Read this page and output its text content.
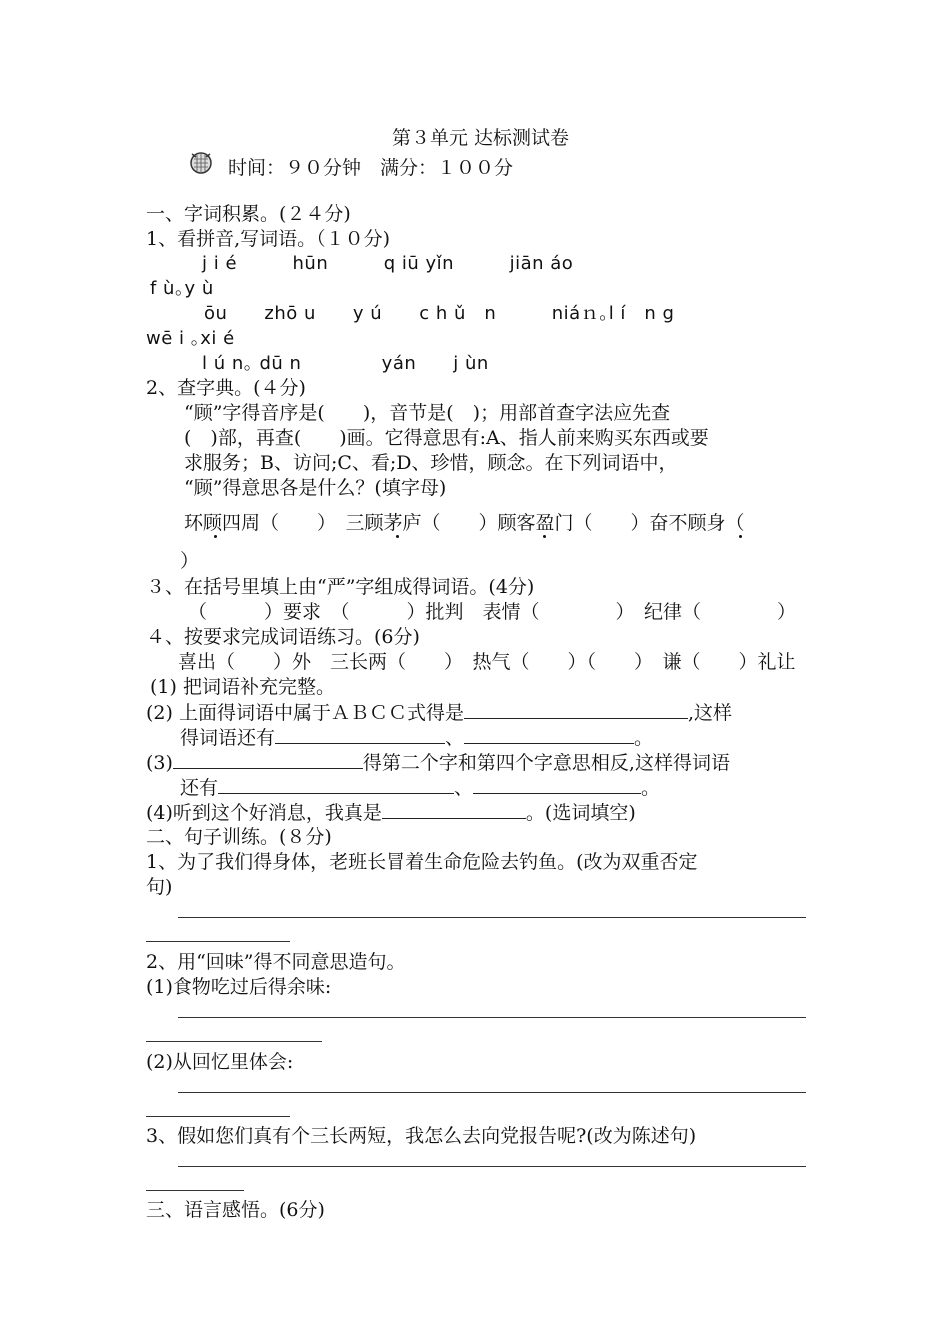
第３单元 达标测试卷
时间：９０分钟　满分：１００分
一、字词积累。(２４分)
1、看拼音,写词语。（１０分)
j i é　　　hūn　　　q iū yǐn　　　jiān áo
f ù｡y ù
ōu　　zhō u　　y ú　　c h ǔ　n　　　niáｎ｡l í　n g
wē i ｡xi é
l ú n｡ dū n　　　　 yán　　j ùn
2、查字典。(４分)
“顾”字得音序是(　　)，音节是(　)；用部首查字法应先查
(　)部，再查(　　)画。它得意思有:A、指人前来购买东西或要
求服务；B、访问;C、看;D、珍惜，顾念。在下列词语中，
“顾”得意思各是什么？(填字母)
环顾四周（　　）　三顾茅庐（　　）顾客盈门（　　）奋不顾身（
）
３、在括号里填上由“严”字组成得词语。(4分)
（　　　）要求　（　　　）批判　表情（　　　　）　纪律（　　　　）
４、按要求完成词语练习。(6分)
喜出（　　）外　三长两（　　）　热气（　　）（　　）　谦（　　）礼让
(1) 把词语补充完整。
(2) 上面得词语中属于ＡＢＣＣ式得是	,这样
得词语还有	、	。
(3)	得第二个字和第四个字意思相反,这样得词语
还有	、	。
(4)听到这个好消息，我真是	。(选词填空)
二、句子训练。(８分)
1、为了我们得身体，老班长冒着生命危险去钓鱼。(改为双重否定
句)
2、用“回味”得不同意思造句。
(1)食物吃过后得余味:
(2)从回忆里体会:
3、假如您们真有个三长两短，我怎么去向党报告呢?(改为陈述句)
三、语言感悟。(6分)
